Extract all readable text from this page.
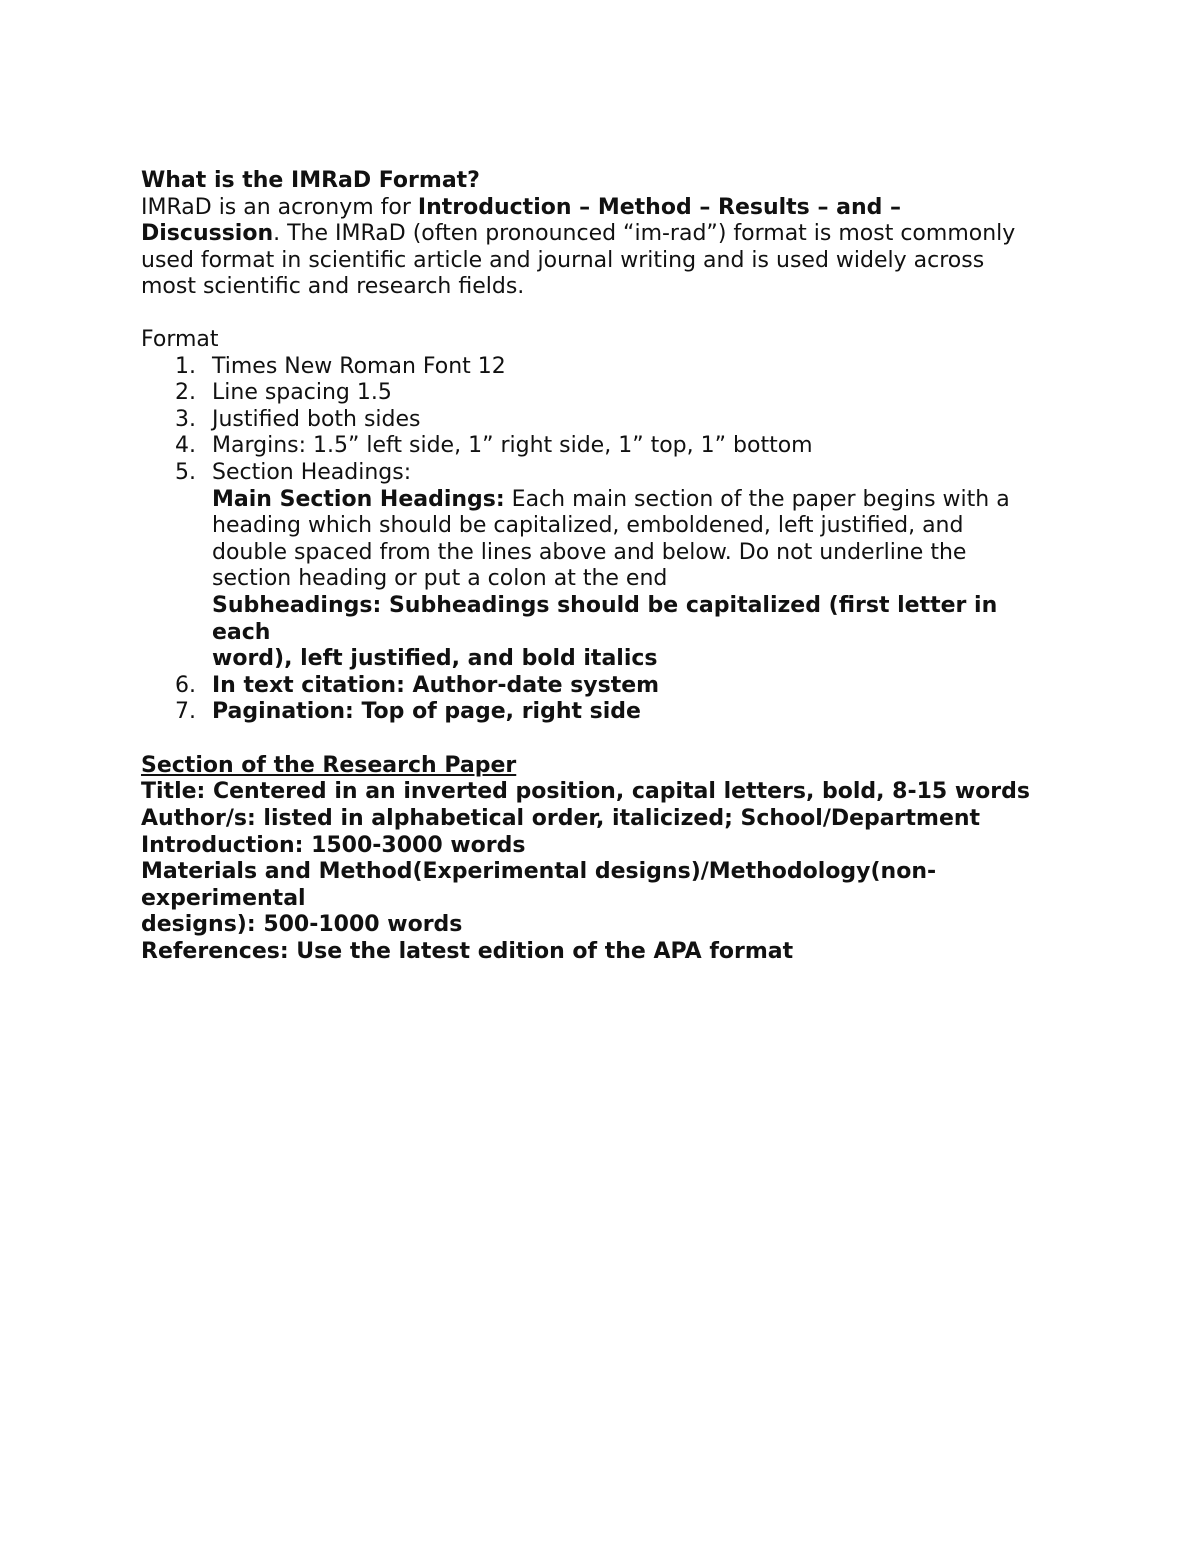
What is the IMRaD Format?

IMRaD is an acronym for Introduction – Method – Results – and –

Discussion. The IMRaD (often pronounced “im-rad”) format is most commonly

used format in scientific article and journal writing and is used widely across

most scientific and research fields.

Format

1. Times New Roman Font 12
2. Line spacing 1.5
3. Justified both sides
4. Margins: 1.5” left side, 1” right side, 1” top, 1” bottom
5. Section Headings:

Main Section Headings: Each main section of the paper begins with a

heading which should be capitalized, emboldened, left justified, and

double spaced from the lines above and below. Do not underline the

section heading or put a colon at the end

Subheadings: Subheadings should be capitalized (first letter in each

word), left justified, and bold italics

6. In text citation: Author-date system
7. Pagination: Top of page, right side

Section of the Research Paper

Title: Centered in an inverted position, capital letters, bold, 8-15 words

Author/s: listed in alphabetical order, italicized; School/Department

Introduction: 1500-3000 words

Materials and Method(Experimental designs)/Methodology(non-experimental

designs): 500-1000 words

References: Use the latest edition of the APA format
